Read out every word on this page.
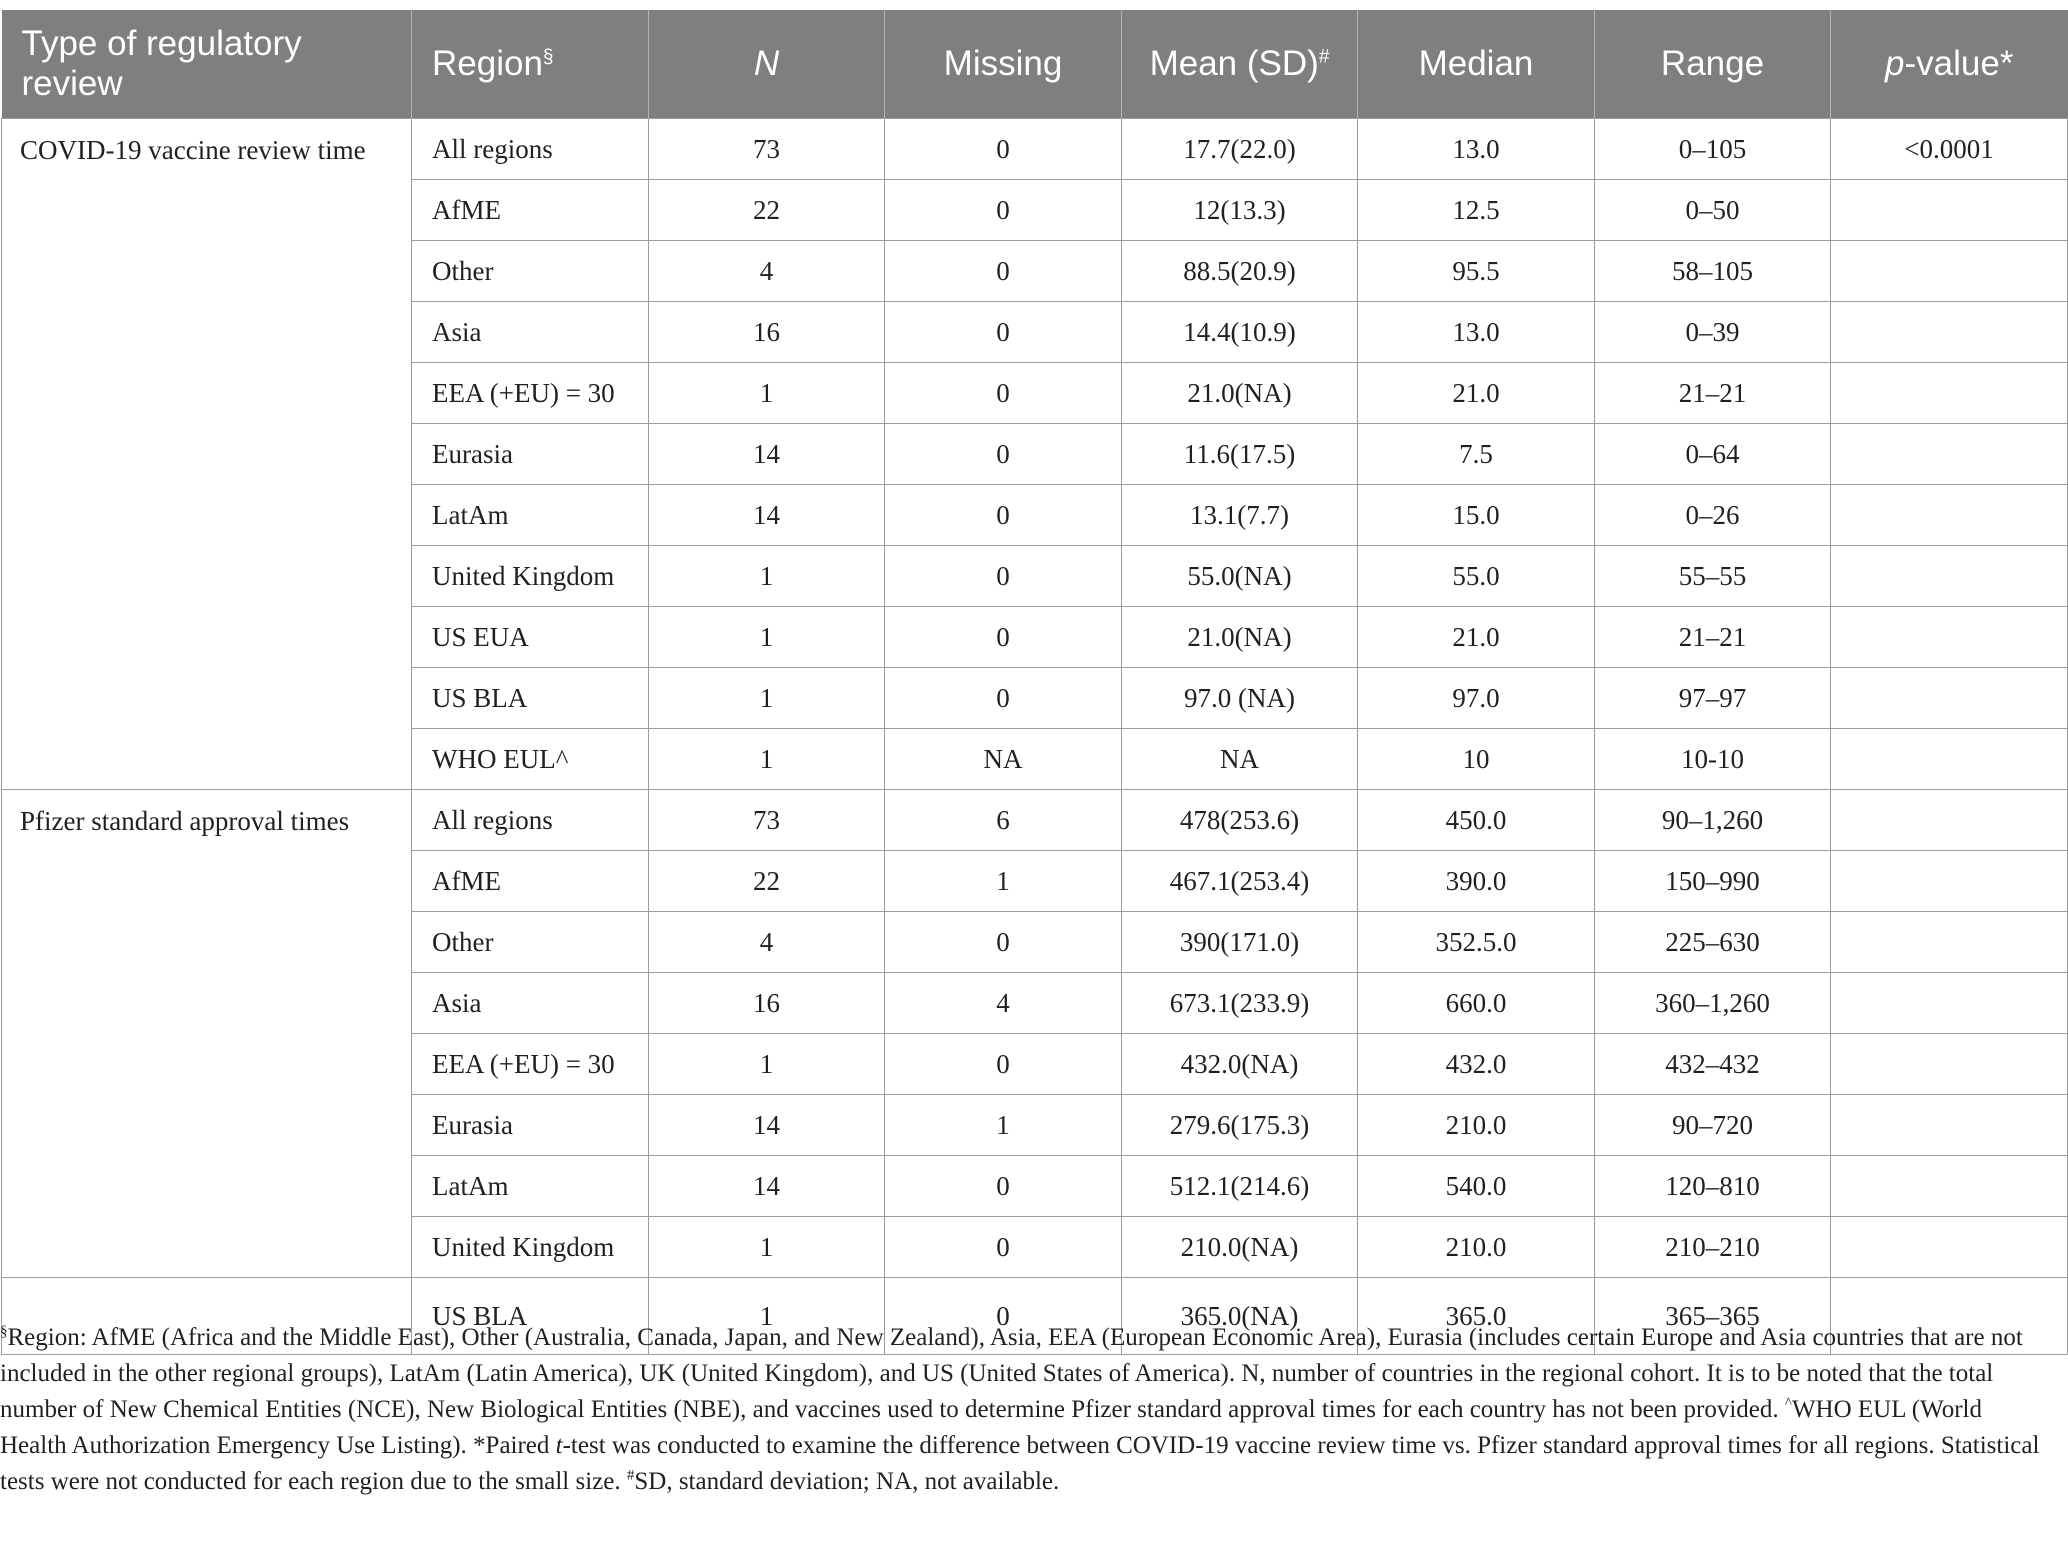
Type of regulatory review	Region§	N	Missing	Mean (SD)#	Median	Range	p-value*
COVID-19 vaccine review time	All regions	73	0	17.7(22.0)	13.0	0–105	<0.0001
	AfME	22	0	12(13.3)	12.5	0–50	
	Other	4	0	88.5(20.9)	95.5	58–105	
	Asia	16	0	14.4(10.9)	13.0	0–39	
	EEA (+EU) = 30	1	0	21.0(NA)	21.0	21–21	
	Eurasia	14	0	11.6(17.5)	7.5	0–64	
	LatAm	14	0	13.1(7.7)	15.0	0–26	
	United Kingdom	1	0	55.0(NA)	55.0	55–55	
	US EUA	1	0	21.0(NA)	21.0	21–21	
	US BLA	1	0	97.0 (NA)	97.0	97–97	
	WHO EUL^	1	NA	NA	10	10-10	
Pfizer standard approval times	All regions	73	6	478(253.6)	450.0	90–1,260	
	AfME	22	1	467.1(253.4)	390.0	150–990	
	Other	4	0	390(171.0)	352.5.0	225–630	
	Asia	16	4	673.1(233.9)	660.0	360–1,260	
	EEA (+EU) = 30	1	0	432.0(NA)	432.0	432–432	
	Eurasia	14	1	279.6(175.3)	210.0	90–720	
	LatAm	14	0	512.1(214.6)	540.0	120–810	
	United Kingdom	1	0	210.0(NA)	210.0	210–210	
	US BLA	1	0	365.0(NA)	365.0	365–365	
§Region: AfME (Africa and the Middle East), Other (Australia, Canada, Japan, and New Zealand), Asia, EEA (European Economic Area), Eurasia (includes certain Europe and Asia countries that are not included in the other regional groups), LatAm (Latin America), UK (United Kingdom), and US (United States of America). N, number of countries in the regional cohort. It is to be noted that the total number of New Chemical Entities (NCE), New Biological Entities (NBE), and vaccines used to determine Pfizer standard approval times for each country has not been provided. ^WHO EUL (World Health Authorization Emergency Use Listing). *Paired t-test was conducted to examine the difference between COVID-19 vaccine review time vs. Pfizer standard approval times for all regions. Statistical tests were not conducted for each region due to the small size. #SD, standard deviation; NA, not available.
